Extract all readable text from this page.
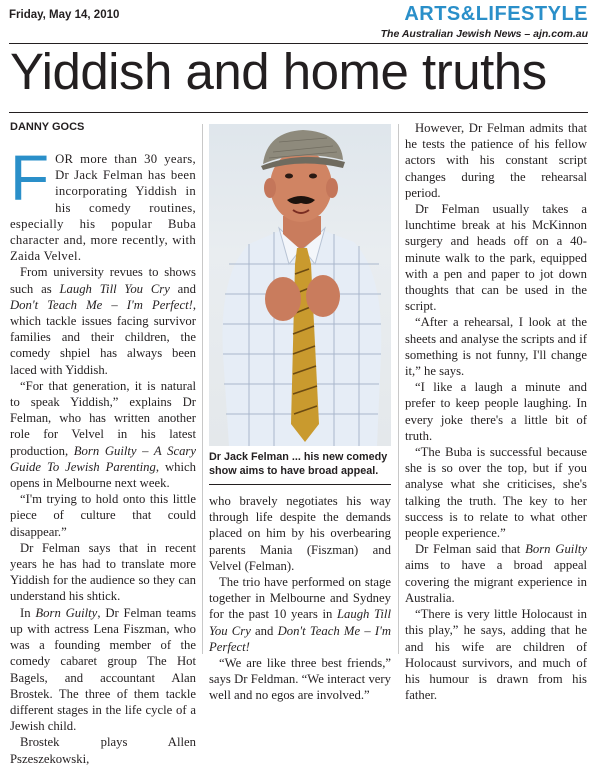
Friday, May 14, 2010	ARTS&LIFESTYLE
The Australian Jewish News – ajn.com.au
Yiddish and home truths
DANNY GOCS

FOR more than 30 years, Dr Jack Felman has been incorporating Yiddish in his comedy routines, especially his popular Buba character and, more recently, with Zaida Velvel.

From university revues to shows such as Laugh Till You Cry and Don't Teach Me – I'm Perfect!, which tackle issues facing survivor families and their children, the comedy shpiel has always been laced with Yiddish.

“For that generation, it is natural to speak Yiddish,” explains Dr Felman, who has written another role for Velvel in his latest production, Born Guilty – A Scary Guide To Jewish Parenting, which opens in Melbourne next week.

“I'm trying to hold onto this little piece of culture that could disappear.”

Dr Felman says that in recent years he has had to translate more Yiddish for the audience so they can understand his shtick.

In Born Guilty, Dr Felman teams up with actress Lena Fiszman, who was a founding member of the comedy cabaret group The Hot Bagels, and accountant Alan Brostek. The three of them tackle different stages in the life cycle of a Jewish child.

Brostek plays Allen Pszeszekowski,

Dr Jack Felman ... his new comedy show aims to have broad appeal.

who bravely negotiates his way through life despite the demands placed on him by his overbearing parents Mania (Fiszman) and Velvel (Felman).

The trio have performed on stage together in Melbourne and Sydney for the past 10 years in Laugh Till You Cry and Don't Teach Me – I'm Perfect!

“We are like three best friends,” says Dr Feldman. “We interact very well and no egos are involved.”

However, Dr Felman admits that he tests the patience of his fellow actors with his constant script changes during the rehearsal period.

Dr Felman usually takes a lunchtime break at his McKinnon surgery and heads off on a 40-minute walk to the park, equipped with a pen and paper to jot down thoughts that can be used in the script.

“After a rehearsal, I look at the sheets and analyse the scripts and if something is not funny, I'll change it,” he says.

“I like a laugh a minute and prefer to keep people laughing. In every joke there's a little bit of truth.

“The Buba is successful because she is so over the top, but if you analyse what she criticises, she's talking the truth. The key to her success is to relate to what other people experience.”

Dr Felman said that Born Guilty aims to have a broad appeal covering the migrant experience in Australia.

“There is very little Holocaust in this play,” he says, adding that he and his wife are children of Holocaust survivors, and much of his humour is drawn from his father.
